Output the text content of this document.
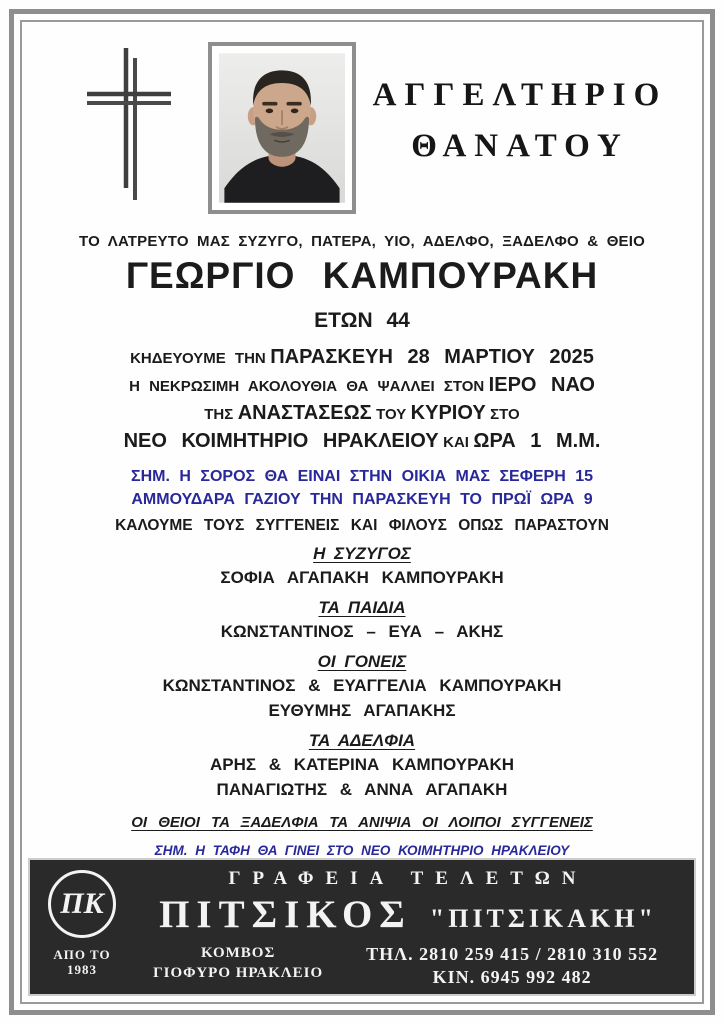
ΑΓΓΕΛΤΗΡΙΟ
ΘΑΝΑΤΟΥ
ΤΟ ΛΑΤΡΕΥΤΟ ΜΑΣ ΣΥΖΥΓΟ, ΠΑΤΕΡΑ, ΥΙΟ, ΑΔΕΛΦΟ, ΞΑΔΕΛΦΟ & ΘΕΙΟ
ΓΕΩΡΓΙΟ ΚΑΜΠΟΥΡΑΚΗ
ΕΤΩΝ 44
ΚΗΔΕΥΟΥΜΕ ΤΗΝ ΠΑΡΑΣΚΕΥΗ 28 ΜΑΡΤΙΟΥ 2025
Η ΝΕΚΡΩΣΙΜΗ ΑΚΟΛΟΥΘΙΑ ΘΑ ΨΑΛΛΕΙ ΣΤΟΝ ΙΕΡΟ ΝΑΟ
ΤΗΣ ΑΝΑΣΤΑΣΕΩΣ ΤΟΥ ΚΥΡΙΟΥ ΣΤΟ
ΝΕΟ ΚΟΙΜΗΤΗΡΙΟ ΗΡΑΚΛΕΙΟΥ ΚΑΙ ΩΡΑ 1 Μ.Μ.
ΣΗΜ. Η ΣΟΡΟΣ ΘΑ ΕΙΝΑΙ ΣΤΗΝ ΟΙΚΙΑ ΜΑΣ ΣΕΦΕΡΗ 15
ΑΜΜΟΥΔΑΡΑ ΓΑΖΙΟΥ ΤΗΝ ΠΑΡΑΣΚΕΥΗ ΤΟ ΠΡΩΪ ΩΡΑ 9
ΚΑΛΟΥΜΕ ΤΟΥΣ ΣΥΓΓΕΝΕΙΣ ΚΑΙ ΦΙΛΟΥΣ ΟΠΩΣ ΠΑΡΑΣΤΟΥΝ
Η ΣΥΖΥΓΟΣ
ΣΟΦΙΑ ΑΓΑΠΑΚΗ ΚΑΜΠΟΥΡΑΚΗ
ΤΑ ΠΑΙΔΙΑ
ΚΩΝΣΤΑΝΤΙΝΟΣ – ΕΥΑ – ΑΚΗΣ
ΟΙ ΓΟΝΕΙΣ
ΚΩΝΣΤΑΝΤΙΝΟΣ & ΕΥΑΓΓΕΛΙΑ ΚΑΜΠΟΥΡΑΚΗ
ΕΥΘΥΜΗΣ ΑΓΑΠΑΚΗΣ
ΤΑ ΑΔΕΛΦΙΑ
ΑΡΗΣ & ΚΑΤΕΡΙΝΑ ΚΑΜΠΟΥΡΑΚΗ
ΠΑΝΑΓΙΩΤΗΣ & ΑΝΝΑ ΑΓΑΠΑΚΗ
ΟΙ ΘΕΙΟΙ ΤΑ ΞΑΔΕΛΦΙΑ ΤΑ ΑΝΙΨΙΑ ΟΙ ΛΟΙΠΟΙ ΣΥΓΓΕΝΕΙΣ
ΣΗΜ. Η ΤΑΦΗ ΘΑ ΓΙΝΕΙ ΣΤΟ ΝΕΟ ΚΟΙΜΗΤΗΡΙΟ ΗΡΑΚΛΕΙΟΥ
ΠΚ
ΑΠΟ ΤΟ
1983
ΓΡΑΦΕΙΑ ΤΕΛΕΤΩΝ
ΠΙΤΣΙΚΟΣ "ΠΙΤΣΙΚΑΚΗ"
ΚΟΜΒΟΣ
ΓΙΟΦΥΡΟ ΗΡΑΚΛΕΙΟ
ΤΗΛ. 2810 259 415 / 2810 310 552
ΚΙΝ. 6945 992 482
